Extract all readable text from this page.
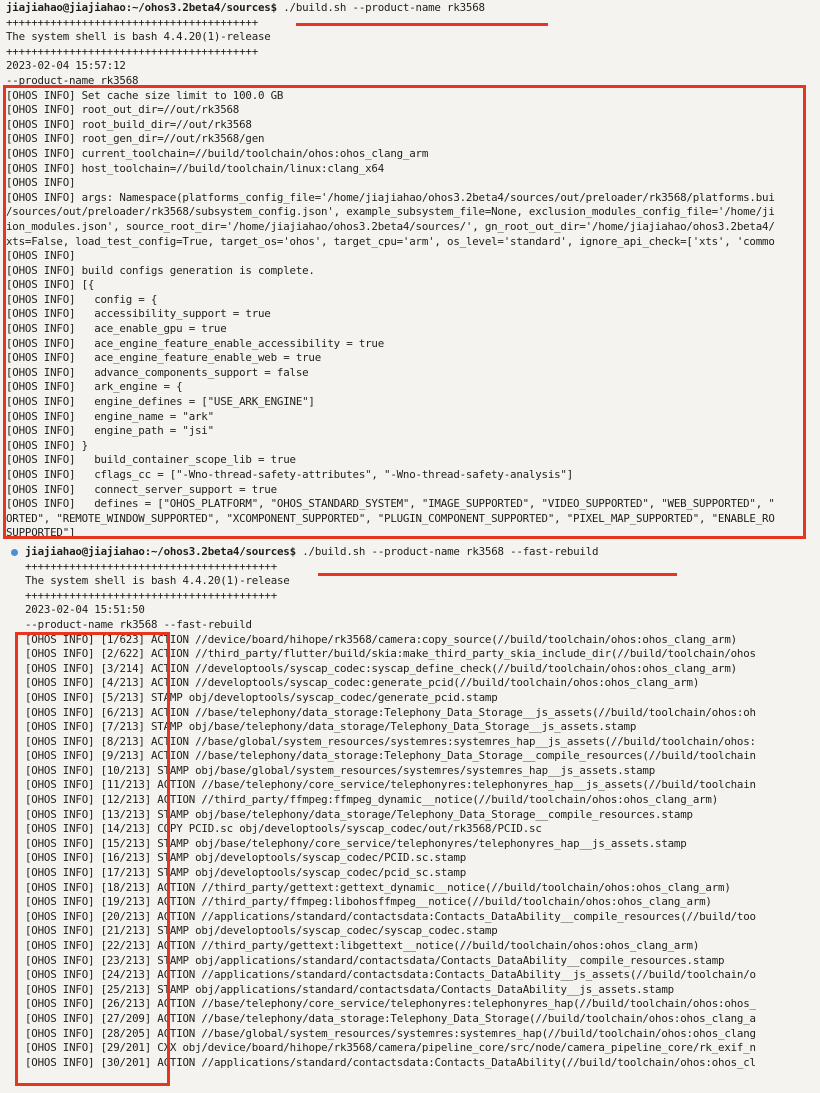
jiajiahao@jiajiahao:~/ohos3.2beta4/sources$ ./build.sh --product-name rk3568
++++++++++++++++++++++++++++++++++++++++
The system shell is bash 4.4.20(1)-release
++++++++++++++++++++++++++++++++++++++++
2023-02-04 15:57:12
--product-name rk3568
[OHOS INFO] Set cache size limit to 100.0 GB
[OHOS INFO] root_out_dir=//out/rk3568
[OHOS INFO] root_build_dir=//out/rk3568
[OHOS INFO] root_gen_dir=//out/rk3568/gen
[OHOS INFO] current_toolchain=//build/toolchain/ohos:ohos_clang_arm
[OHOS INFO] host_toolchain=//build/toolchain/linux:clang_x64
[OHOS INFO]
[OHOS INFO] args: Namespace(platforms_config_file='/home/jiajiahao/ohos3.2beta4/sources/out/preloader/rk3568/platforms.bui
/sources/out/preloader/rk3568/subsystem_config.json', example_subsystem_file=None, exclusion_modules_config_file='/home/ji
ion_modules.json', source_root_dir='/home/jiajiahao/ohos3.2beta4/sources/', gn_root_out_dir='/home/jiajiahao/ohos3.2beta4/
xts=False, load_test_config=True, target_os='ohos', target_cpu='arm', os_level='standard', ignore_api_check=['xts', 'commo
[OHOS INFO]
[OHOS INFO] build configs generation is complete.
[OHOS INFO] [{
[OHOS INFO]   config = {
[OHOS INFO]   accessibility_support = true
[OHOS INFO]   ace_enable_gpu = true
[OHOS INFO]   ace_engine_feature_enable_accessibility = true
[OHOS INFO]   ace_engine_feature_enable_web = true
[OHOS INFO]   advance_components_support = false
[OHOS INFO]   ark_engine = {
[OHOS INFO]   engine_defines = ["USE_ARK_ENGINE"]
[OHOS INFO]   engine_name = "ark"
[OHOS INFO]   engine_path = "jsi"
[OHOS INFO] }
[OHOS INFO]   build_container_scope_lib = true
[OHOS INFO]   cflags_cc = ["-Wno-thread-safety-attributes", "-Wno-thread-safety-analysis"]
[OHOS INFO]   connect_server_support = true
[OHOS INFO]   defines = ["OHOS_PLATFORM", "OHOS_STANDARD_SYSTEM", "IMAGE_SUPPORTED", "VIDEO_SUPPORTED", "WEB_SUPPORTED", "
ORTED", "REMOTE_WINDOW_SUPPORTED", "XCOMPONENT_SUPPORTED", "PLUGIN_COMPONENT_SUPPORTED", "PIXEL_MAP_SUPPORTED", "ENABLE_RO
SUPPORTED"]
jiajiahao@jiajiahao:~/ohos3.2beta4/sources$ ./build.sh --product-name rk3568 --fast-rebuild
++++++++++++++++++++++++++++++++++++++++
The system shell is bash 4.4.20(1)-release
++++++++++++++++++++++++++++++++++++++++
2023-02-04 15:51:50
--product-name rk3568 --fast-rebuild
[OHOS INFO] [1/623] ACTION //device/board/hihope/rk3568/camera:copy_source(//build/toolchain/ohos:ohos_clang_arm)
[OHOS INFO] [2/622] ACTION //third_party/flutter/build/skia:make_third_party_skia_include_dir(//build/toolchain/ohos
[OHOS INFO] [3/214] ACTION //developtools/syscap_codec:syscap_define_check(//build/toolchain/ohos:ohos_clang_arm)
[OHOS INFO] [4/213] ACTION //developtools/syscap_codec:generate_pcid(//build/toolchain/ohos:ohos_clang_arm)
[OHOS INFO] [5/213] STAMP obj/developtools/syscap_codec/generate_pcid.stamp
[OHOS INFO] [6/213] ACTION //base/telephony/data_storage:Telephony_Data_Storage__js_assets(//build/toolchain/ohos:oh
[OHOS INFO] [7/213] STAMP obj/base/telephony/data_storage/Telephony_Data_Storage__js_assets.stamp
[OHOS INFO] [8/213] ACTION //base/global/system_resources/systemres:systemres_hap__js_assets(//build/toolchain/ohos:
[OHOS INFO] [9/213] ACTION //base/telephony/data_storage:Telephony_Data_Storage__compile_resources(//build/toolchain
[OHOS INFO] [10/213] STAMP obj/base/global/system_resources/systemres/systemres_hap__js_assets.stamp
[OHOS INFO] [11/213] ACTION //base/telephony/core_service/telephonyres:telephonyres_hap__js_assets(//build/toolchain
[OHOS INFO] [12/213] ACTION //third_party/ffmpeg:ffmpeg_dynamic__notice(//build/toolchain/ohos:ohos_clang_arm)
[OHOS INFO] [13/213] STAMP obj/base/telephony/data_storage/Telephony_Data_Storage__compile_resources.stamp
[OHOS INFO] [14/213] COPY PCID.sc obj/developtools/syscap_codec/out/rk3568/PCID.sc
[OHOS INFO] [15/213] STAMP obj/base/telephony/core_service/telephonyres/telephonyres_hap__js_assets.stamp
[OHOS INFO] [16/213] STAMP obj/developtools/syscap_codec/PCID.sc.stamp
[OHOS INFO] [17/213] STAMP obj/developtools/syscap_codec/pcid_sc.stamp
[OHOS INFO] [18/213] ACTION //third_party/gettext:gettext_dynamic__notice(//build/toolchain/ohos:ohos_clang_arm)
[OHOS INFO] [19/213] ACTION //third_party/ffmpeg:libohosffmpeg__notice(//build/toolchain/ohos:ohos_clang_arm)
[OHOS INFO] [20/213] ACTION //applications/standard/contactsdata:Contacts_DataAbility__compile_resources(//build/too
[OHOS INFO] [21/213] STAMP obj/developtools/syscap_codec/syscap_codec.stamp
[OHOS INFO] [22/213] ACTION //third_party/gettext:libgettext__notice(//build/toolchain/ohos:ohos_clang_arm)
[OHOS INFO] [23/213] STAMP obj/applications/standard/contactsdata/Contacts_DataAbility__compile_resources.stamp
[OHOS INFO] [24/213] ACTION //applications/standard/contactsdata:Contacts_DataAbility__js_assets(//build/toolchain/o
[OHOS INFO] [25/213] STAMP obj/applications/standard/contactsdata/Contacts_DataAbility__js_assets.stamp
[OHOS INFO] [26/213] ACTION //base/telephony/core_service/telephonyres:telephonyres_hap(//build/toolchain/ohos:ohos_
[OHOS INFO] [27/209] ACTION //base/telephony/data_storage:Telephony_Data_Storage(//build/toolchain/ohos:ohos_clang_a
[OHOS INFO] [28/205] ACTION //base/global/system_resources/systemres:systemres_hap(//build/toolchain/ohos:ohos_clang
[OHOS INFO] [29/201] CXX obj/device/board/hihope/rk3568/camera/pipeline_core/src/node/camera_pipeline_core/rk_exif_n
[OHOS INFO] [30/201] ACTION //applications/standard/contactsdata:Contacts_DataAbility(//build/toolchain/ohos:ohos_cl
